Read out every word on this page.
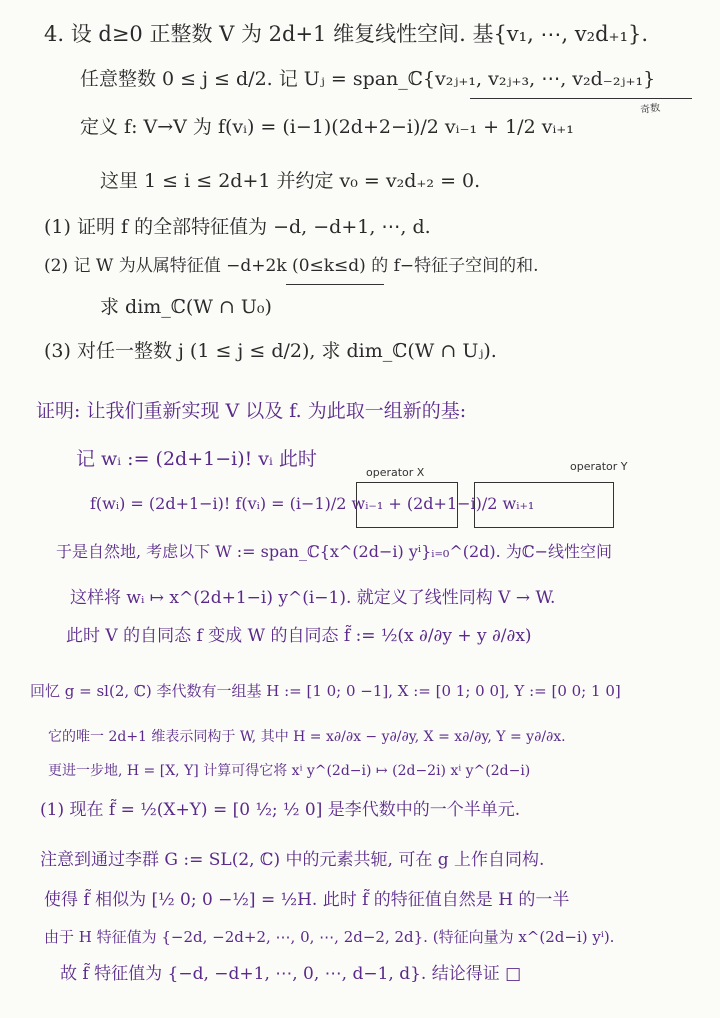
4. 设 d≥0 正整数 V 为 2d+1 维复线性空间. 基{v₁, ⋯, v₂d₊₁}.
任意整数 0 ≤ j ≤ d/2. 记 Uⱼ = span_ℂ{v₂ⱼ₊₁, v₂ⱼ₊₃, ⋯, v₂d₋₂ⱼ₊₁}
奇数
定义 f: V→V 为 f(vᵢ) = (i−1)(2d+2−i)/2 vᵢ₋₁ + 1/2 vᵢ₊₁
这里 1 ≤ i ≤ 2d+1 并约定 v₀ = v₂d₊₂ = 0.
(1) 证明 f 的全部特征值为 −d, −d+1, ⋯, d.
(2) 记 W 为从属特征值 −d+2k (0≤k≤d) 的 f−特征子空间的和.
求 dim_ℂ(W ∩ U₀)
(3) 对任一整数 j (1 ≤ j ≤ d/2), 求 dim_ℂ(W ∩ Uⱼ).
证明: 让我们重新实现 V 以及 f. 为此取一组新的基:
记 wᵢ := (2d+1−i)! vᵢ 此时
operator X	operator Y
f(wᵢ) = (2d+1−i)! f(vᵢ) = (i−1)/2 wᵢ₋₁ + (2d+1−i)/2 wᵢ₊₁
于是自然地, 考虑以下 W := span_ℂ{x^(2d−i) yⁱ}ᵢ₌₀^(2d). 为ℂ−线性空间
这样将 wᵢ ↦ x^(2d+1−i) y^(i−1). 就定义了线性同构 V → W.
此时 V 的自同态 f 变成 W 的自同态 f̃ := ½(x ∂/∂y + y ∂/∂x)
回忆 g = sl(2, ℂ) 李代数有一组基 H := [1 0; 0 −1], X := [0 1; 0 0], Y := [0 0; 1 0]
它的唯一 2d+1 维表示同构于 W, 其中 H = x∂/∂x − y∂/∂y, X = x∂/∂y, Y = y∂/∂x.
更进一步地, H = [X, Y] 计算可得它将 xⁱ y^(2d−i) ↦ (2d−2i) xⁱ y^(2d−i)
(1) 现在 f̃ = ½(X+Y) = [0 ½; ½ 0] 是李代数中的一个半单元.
注意到通过李群 G := SL(2, ℂ) 中的元素共轭, 可在 g 上作自同构.
使得 f̃ 相似为 [½ 0; 0 −½] = ½H. 此时 f̃ 的特征值自然是 H 的一半
由于 H 特征值为 {−2d, −2d+2, ⋯, 0, ⋯, 2d−2, 2d}. (特征向量为 x^(2d−i) yⁱ).
故 f̃ 特征值为 {−d, −d+1, ⋯, 0, ⋯, d−1, d}. 结论得证 □
